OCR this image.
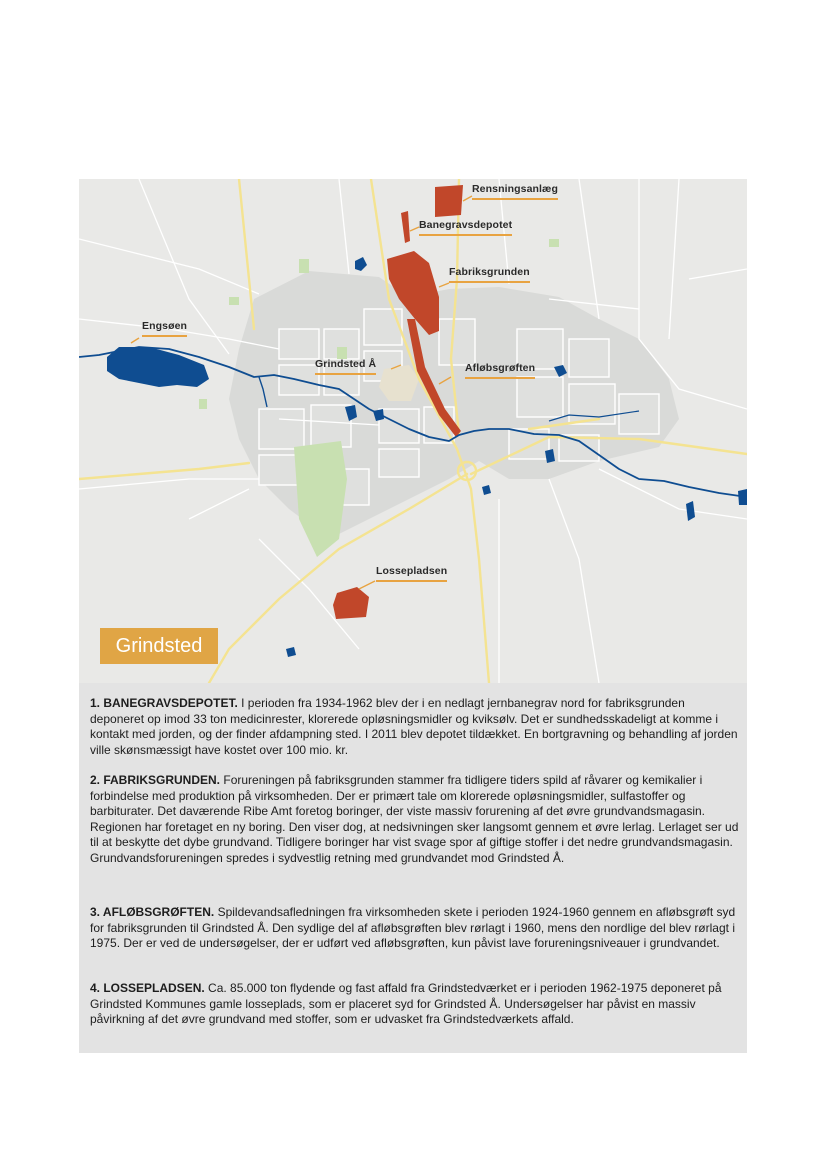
Rensningsanlæg
Banegravsdepotet
Fabriksgrunden
Engsøen
Grindsted Å	Afløbsgrøften
Lossepladsen
Grindsted

1. BANEGRAVSDEPOTET. I perioden fra 1934-1962 blev der i en nedlagt jernbanegrav nord for fabriksgrunden deponeret op imod 33 ton medicinrester, klorerede opløsningsmidler og kviksølv. Det er sundhedsskadeligt at komme i kontakt med jorden, og der finder afdampning sted. I 2011 blev depotet tildækket. En bortgravning og behandling af jorden ville skønsmæssigt have kostet over 100 mio. kr.

2. FABRIKSGRUNDEN. Forureningen på fabriksgrunden stammer fra tidligere tiders spild af råvarer og kemikalier i forbindelse med produktion på virksomheden. Der er primært tale om klorerede opløsningsmidler, sulfastoffer og barbiturater. Det daværende Ribe Amt foretog boringer, der viste massiv forurening af det øvre grundvandsmagasin. Regionen har foretaget en ny boring. Den viser dog, at nedsivningen sker langsomt gennem et øvre lerlag. Lerlaget ser ud til at beskytte det dybe grundvand. Tidligere boringer har vist svage spor af giftige stoffer i det nedre grundvandsmagasin. Grundvandsforureningen spredes i sydvestlig retning med grundvandet mod Grindsted Å.

3. AFLØBSGRØFTEN. Spildevandsafledningen fra virksomheden skete i perioden 1924-1960 gennem en afløbsgrøft syd for fabriksgrunden til Grindsted Å. Den sydlige del af afløbsgrøften blev rørlagt i 1960, mens den nordlige del blev rørlagt i 1975. Der er ved de undersøgelser, der er udført ved afløbsgrøften, kun påvist lave forureningsniveauer i grundvandet.

4. LOSSEPLADSEN. Ca. 85.000 ton flydende og fast affald fra Grindstedværket er i perioden 1962-1975 deponeret på Grindsted Kommunes gamle losseplads, som er placeret syd for Grindsted Å. Undersøgelser har påvist en massiv påvirkning af det øvre grundvand med stoffer, som er udvasket fra Grindstedværkets affald.
